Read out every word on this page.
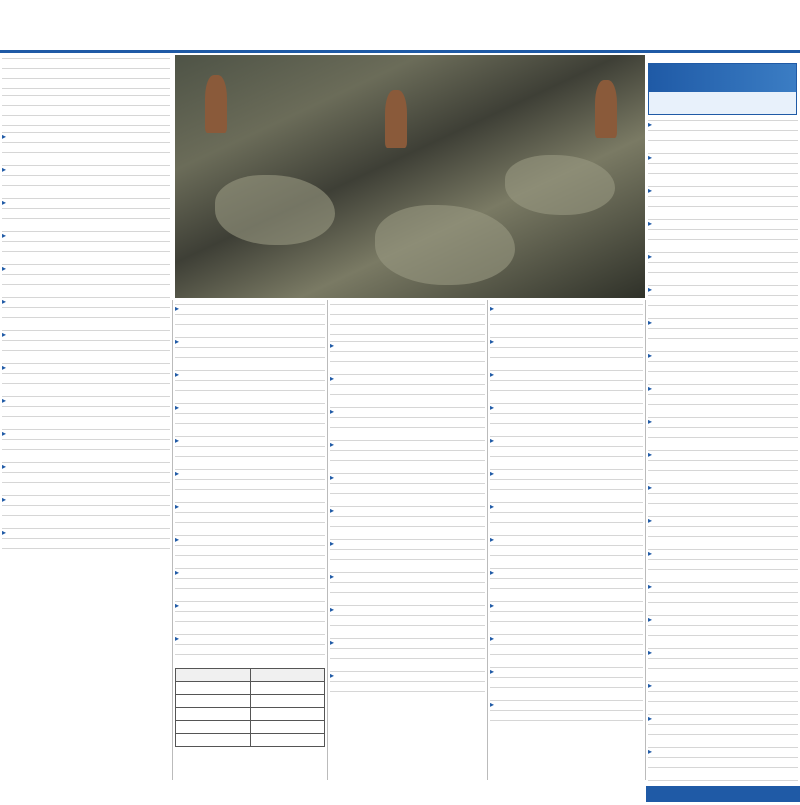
▸
▸
▸
▸
▸
▸
▸
▸
▸
▸
▸
▸
▸
▸
▸
▸
▸
▸
▸
▸
▸
▸
▸
▸

▸
▸
▸
▸
▸
▸
▸
▸
▸
▸
▸
▸
▸
▸
▸
▸
▸
▸
▸
▸
▸
▸
▸
▸
▸
▸
▸
▸
▸
▸
▸
▸
▸
▸
▸
▸
▸
▸
▸
▸
▸
▸
▸
▸
▸
